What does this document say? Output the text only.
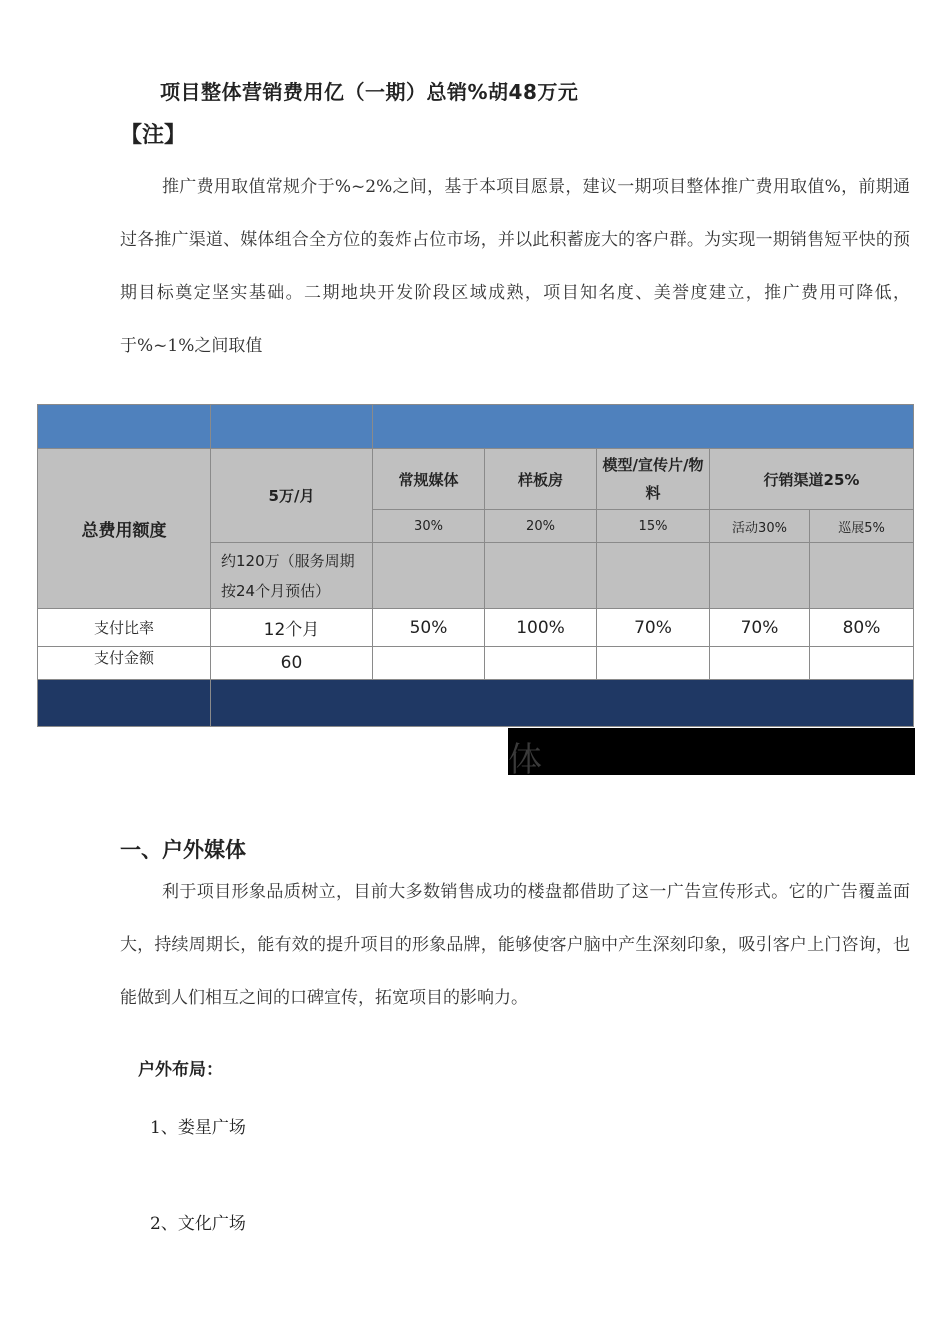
项目整体营销费用亿（一期）总销%胡48万元
【注】
推广费用取值常规介于%~2%之间，基于本项目愿景，建议一期项目整体推广费用取值%，前期通过各推广渠道、媒体组合全方位的轰炸占位市场，并以此积蓄庞大的客户群。为实现一期销售短平快的预期目标奠定坚实基础。二期地块开发阶段区域成熟，项目知名度、美誉度建立，推广费用可降低，于%~1%之间取值

总费用额度	5万/月	常规媒体	样板房	模型/宣传片/物料	行销渠道25%	
		30%	20%	15%	活动30%	巡展5%
	约120万（服务周期按24个月预估）					
支付比率	12个月	50%	100%	70%	70%	80%
支付金额	60					

体
一、户外媒体
利于项目形象品质树立，目前大多数销售成功的楼盘都借助了这一广告宣传形式。它的广告覆盖面大，持续周期长，能有效的提升项目的形象品牌，能够使客户脑中产生深刻印象，吸引客户上门咨询，也能做到人们相互之间的口碑宣传，拓宽项目的影响力。
户外布局：
1、娄星广场
2、文化广场
